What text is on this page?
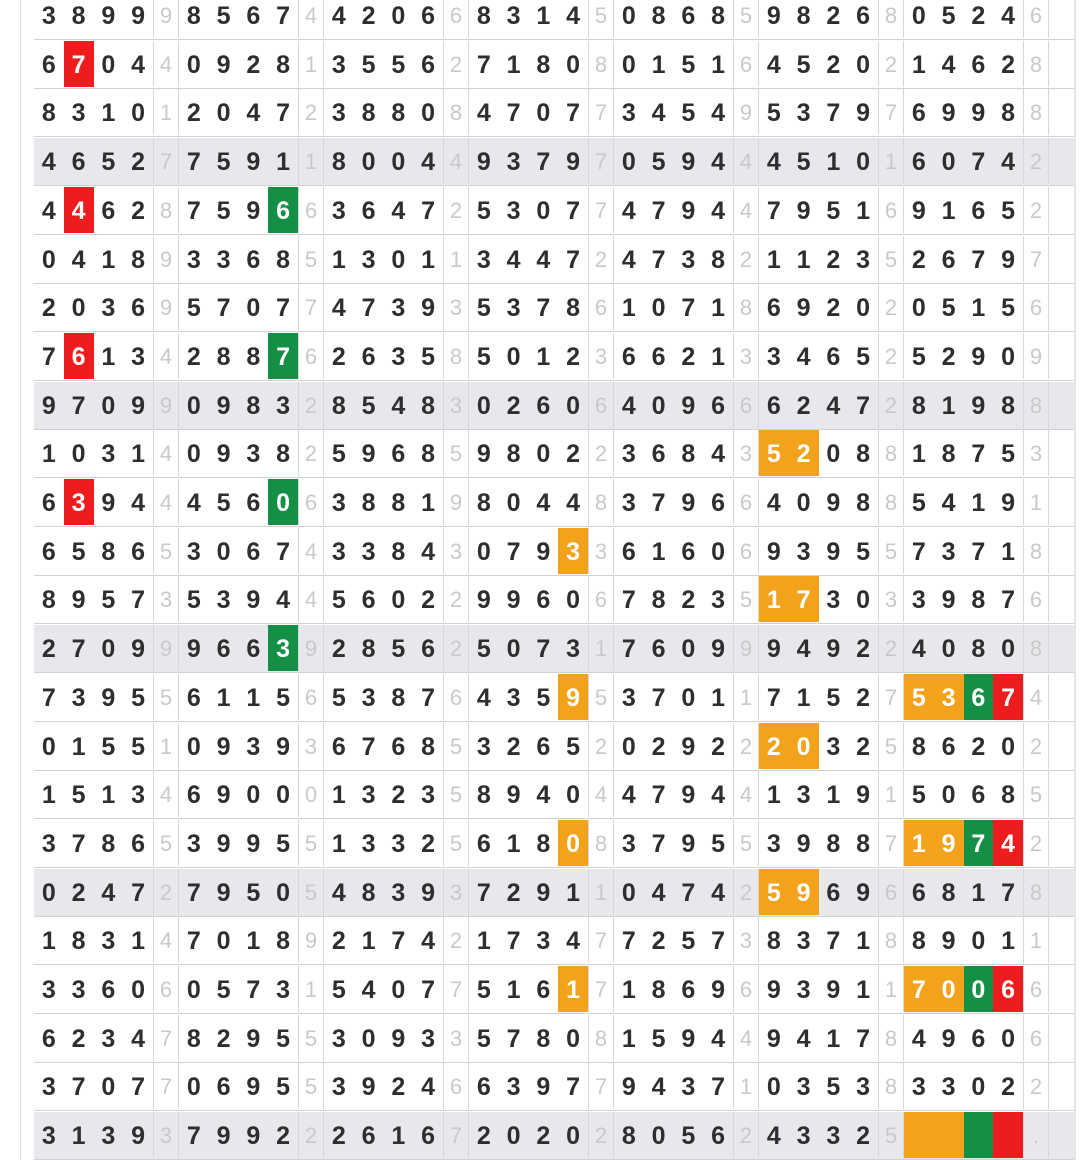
3 8 9 9 9 8 5 6 7 4 4 2 0 6 6 8 3 1 4 5 0 8 6 8 5 9 8 2 6 8 0 5 2 4 6
6 7 0 4 4 0 9 2 8 1 3 5 5 6 2 7 1 8 0 8 0 1 5 1 6 4 5 2 0 2 1 4 6 2 8
8 3 1 0 1 2 0 4 7 2 3 8 8 0 8 4 7 0 7 7 3 4 5 4 9 5 3 7 9 7 6 9 9 8 8
4 6 5 2 7 7 5 9 1 1 8 0 0 4 4 9 3 7 9 7 0 5 9 4 4 4 5 1 0 1 6 0 7 4 2
4 4 6 2 8 7 5 9 6 6 3 6 4 7 2 5 3 0 7 7 4 7 9 4 4 7 9 5 1 6 9 1 6 5 2
0 4 1 8 9 3 3 6 8 5 1 3 0 1 1 3 4 4 7 2 4 7 3 8 2 1 1 2 3 5 2 6 7 9 7
2 0 3 6 9 5 7 0 7 7 4 7 3 9 3 5 3 7 8 6 1 0 7 1 8 6 9 2 0 2 0 5 1 5 6
7 6 1 3 4 2 8 8 7 6 2 6 3 5 8 5 0 1 2 3 6 6 2 1 3 3 4 6 5 2 5 2 9 0 9
9 7 0 9 9 0 9 8 3 2 8 5 4 8 3 0 2 6 0 6 4 0 9 6 6 6 2 4 7 2 8 1 9 8 8
1 0 3 1 4 0 9 3 8 2 5 9 6 8 5 9 8 0 2 2 3 6 8 4 3 5 2 0 8 8 1 8 7 5 3
6 3 9 4 4 4 5 6 0 6 3 8 8 1 9 8 0 4 4 8 3 7 9 6 6 4 0 9 8 8 5 4 1 9 1
6 5 8 6 5 3 0 6 7 4 3 3 8 4 3 0 7 9 3 3 6 1 6 0 6 9 3 9 5 5 7 3 7 1 8
8 9 5 7 3 5 3 9 4 4 5 6 0 2 2 9 9 6 0 6 7 8 2 3 5 1 7 3 0 3 3 9 8 7 6
2 7 0 9 9 9 6 6 3 9 2 8 5 6 2 5 0 7 3 1 7 6 0 9 9 9 4 9 2 2 4 0 8 0 8
7 3 9 5 5 6 1 1 5 6 5 3 8 7 6 4 3 5 9 5 3 7 0 1 1 7 1 5 2 7 5 3 6 7 4
0 1 5 5 1 0 9 3 9 3 6 7 6 8 5 3 2 6 5 2 0 2 9 2 2 2 0 3 2 5 8 6 2 0 2
1 5 1 3 4 6 9 0 0 0 1 3 2 3 5 8 9 4 0 4 4 7 9 4 4 1 3 1 9 1 5 0 6 8 5
3 7 8 6 5 3 9 9 5 5 1 3 3 2 5 6 1 8 0 8 3 7 9 5 5 3 9 8 8 7 1 9 7 4 2
0 2 4 7 2 7 9 5 0 5 4 8 3 9 3 7 2 9 1 1 0 4 7 4 2 5 9 6 9 6 6 8 1 7 8
1 8 3 1 4 7 0 1 8 9 2 1 7 4 2 1 7 3 4 7 7 2 5 7 3 8 3 7 1 8 8 9 0 1 1
3 3 6 0 6 0 5 7 3 1 5 4 0 7 7 5 1 6 1 7 1 8 6 9 6 9 3 9 1 1 7 0 0 6 6
6 2 3 4 7 8 2 9 5 5 3 0 9 3 3 5 7 8 0 8 1 5 9 4 4 9 4 1 7 8 4 9 6 0 6
3 7 0 7 7 0 6 9 5 5 3 9 2 4 6 6 3 9 7 7 9 4 3 7 1 0 3 5 3 8 3 3 0 2 2
3 1 3 9 3 7 9 9 2 2 2 6 1 6 7 2 0 2 0 2 8 0 5 6 2 4 3 3 2 5	.
